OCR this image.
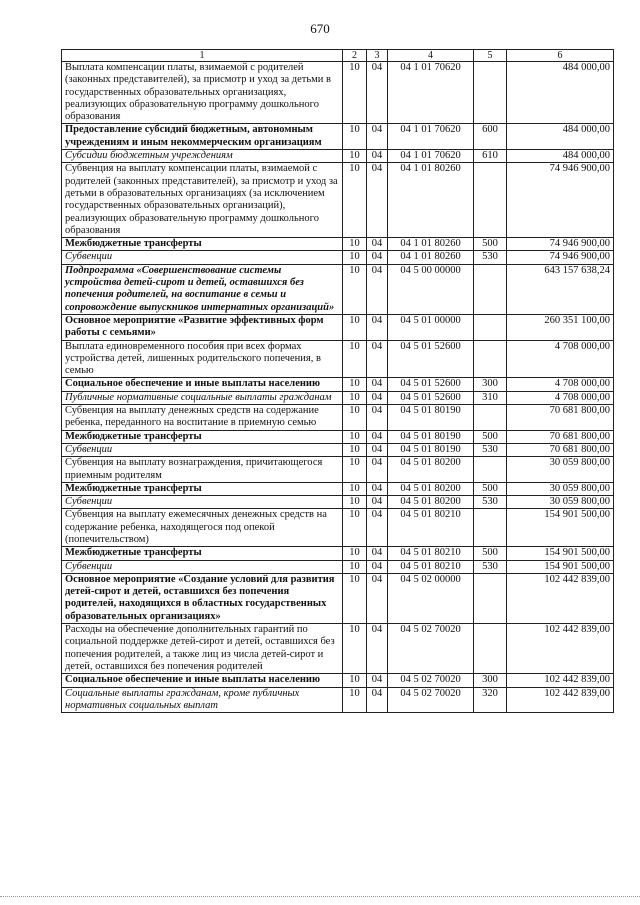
670
1	2	3	4	5	6
Выплата компенсации платы, взимаемой с родителей (законных представителей), за присмотр и уход за детьми в государственных образовательных организациях, реализующих образовательную программу дошкольного образования	10	04	04 1 01 70620		484 000,00
Предоставление субсидий бюджетным, автономным учреждениям и иным некоммерческим организациям	10	04	04 1 01 70620	600	484 000,00
Субсидии бюджетным учреждениям	10	04	04 1 01 70620	610	484 000,00
Субвенция на выплату компенсации платы, взимаемой с родителей (законных представителей), за присмотр и уход за детьми в образовательных организациях (за исключением государственных образовательных организаций), реализующих образовательную программу дошкольного образования	10	04	04 1 01 80260		74 946 900,00
Межбюджетные трансферты	10	04	04 1 01 80260	500	74 946 900,00
Субвенции	10	04	04 1 01 80260	530	74 946 900,00
Подпрограмма «Совершенствование системы устройства детей-сирот и детей, оставшихся без попечения родителей, на воспитание в семьи и сопровождение выпускников интернатных организаций»	10	04	04 5 00 00000		643 157 638,24
Основное мероприятие «Развитие эффективных форм работы с семьями»	10	04	04 5 01 00000		260 351 100,00
Выплата единовременного пособия при всех формах устройства детей, лишенных родительского попечения, в семью	10	04	04 5 01 52600		4 708 000,00
Социальное обеспечение и иные выплаты населению	10	04	04 5 01 52600	300	4 708 000,00
Публичные нормативные социальные выплаты гражданам	10	04	04 5 01 52600	310	4 708 000,00
Субвенция на выплату денежных средств на содержание ребенка, переданного на воспитание в приемную семью	10	04	04 5 01 80190		70 681 800,00
Межбюджетные трансферты	10	04	04 5 01 80190	500	70 681 800,00
Субвенции	10	04	04 5 01 80190	530	70 681 800,00
Субвенция на выплату вознаграждения, причитающегося приемным родителям	10	04	04 5 01 80200		30 059 800,00
Межбюджетные трансферты	10	04	04 5 01 80200	500	30 059 800,00
Субвенции	10	04	04 5 01 80200	530	30 059 800,00
Субвенция на выплату ежемесячных денежных средств на содержание ребенка, находящегося под опекой (попечительством)	10	04	04 5 01 80210		154 901 500,00
Межбюджетные трансферты	10	04	04 5 01 80210	500	154 901 500,00
Субвенции	10	04	04 5 01 80210	530	154 901 500,00
Основное мероприятие «Создание условий для развития детей-сирот и детей, оставшихся без попечения родителей, находящихся в областных государственных образовательных организациях»	10	04	04 5 02 00000		102 442 839,00
Расходы на обеспечение дополнительных гарантий по социальной поддержке детей-сирот и детей, оставшихся без попечения родителей, а также лиц из числа детей-сирот и детей, оставшихся без попечения родителей	10	04	04 5 02 70020		102 442 839,00
Социальное обеспечение и иные выплаты населению	10	04	04 5 02 70020	300	102 442 839,00
Социальные выплаты гражданам, кроме публичных нормативных социальных выплат	10	04	04 5 02 70020	320	102 442 839,00
